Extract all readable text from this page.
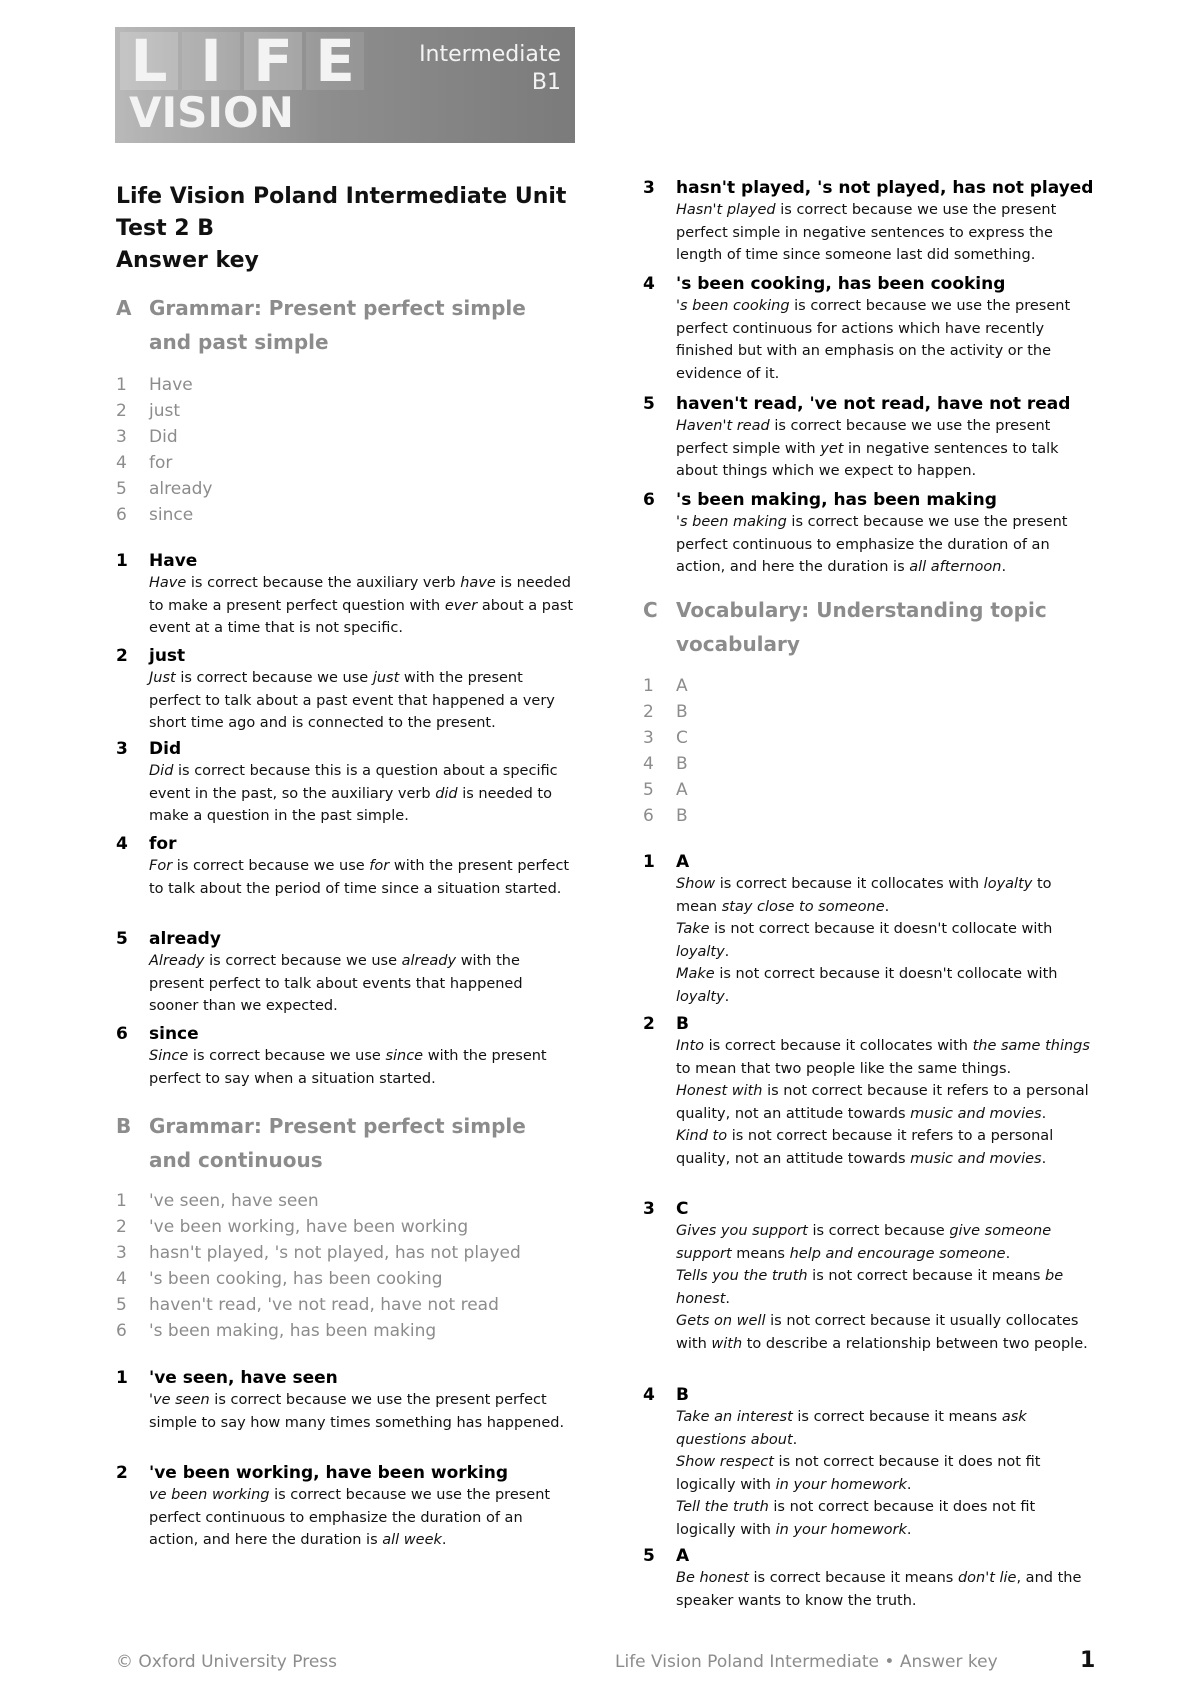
L I F E
VISION
Intermediate
B1
Life Vision Poland Intermediate Unit
Test 2 B
Answer key
A Grammar: Present perfect simple and past simple
1	Have
2	just
3	Did
4	for
5	already
6	since
1 Have
Have is correct because the auxiliary verb have is needed to make a present perfect question with ever about a past event at a time that is not specific.
2 just
Just is correct because we use just with the present perfect to talk about a past event that happened a very short time ago and is connected to the present.
3 Did
Did is correct because this is a question about a specific event in the past, so the auxiliary verb did is needed to make a question in the past simple.
4 for
For is correct because we use for with the present perfect to talk about the period of time since a situation started.
5 already
Already is correct because we use already with the present perfect to talk about events that happened sooner than we expected.
6 since
Since is correct because we use since with the present perfect to say when a situation started.
B Grammar: Present perfect simple and continuous
1	've seen, have seen
2	've been working, have been working
3	hasn't played, 's not played, has not played
4	's been cooking, has been cooking
5	haven't read, 've not read, have not read
6	's been making, has been making
1 've seen, have seen
've seen is correct because we use the present perfect simple to say how many times something has happened.
2 've been working, have been working
ve been working is correct because we use the present perfect continuous to emphasize the duration of an action, and here the duration is all week.
3 hasn't played, 's not played, has not played
Hasn't played is correct because we use the present perfect simple in negative sentences to express the length of time since someone last did something.
4 's been cooking, has been cooking
's been cooking is correct because we use the present perfect continuous for actions which have recently finished but with an emphasis on the activity or the evidence of it.
5 haven't read, 've not read, have not read
Haven't read is correct because we use the present perfect simple with yet in negative sentences to talk about things which we expect to happen.
6 's been making, has been making
's been making is correct because we use the present perfect continuous to emphasize the duration of an action, and here the duration is all afternoon.
C Vocabulary: Understanding topic vocabulary
1	A
2	B
3	C
4	B
5	A
6	B
1 A
Show is correct because it collocates with loyalty to mean stay close to someone.
Take is not correct because it doesn't collocate with loyalty.
Make is not correct because it doesn't collocate with loyalty.
2 B
Into is correct because it collocates with the same things to mean that two people like the same things.
Honest with is not correct because it refers to a personal quality, not an attitude towards music and movies.
Kind to is not correct because it refers to a personal quality, not an attitude towards music and movies.
3 C
Gives you support is correct because give someone support means help and encourage someone.
Tells you the truth is not correct because it means be honest.
Gets on well is not correct because it usually collocates with with to describe a relationship between two people.
4 B
Take an interest is correct because it means ask questions about.
Show respect is not correct because it does not fit logically with in your homework.
Tell the truth is not correct because it does not fit logically with in your homework.
5 A
Be honest is correct because it means don't lie, and the speaker wants to know the truth.
© Oxford University Press	Life Vision Poland Intermediate • Answer key	1
